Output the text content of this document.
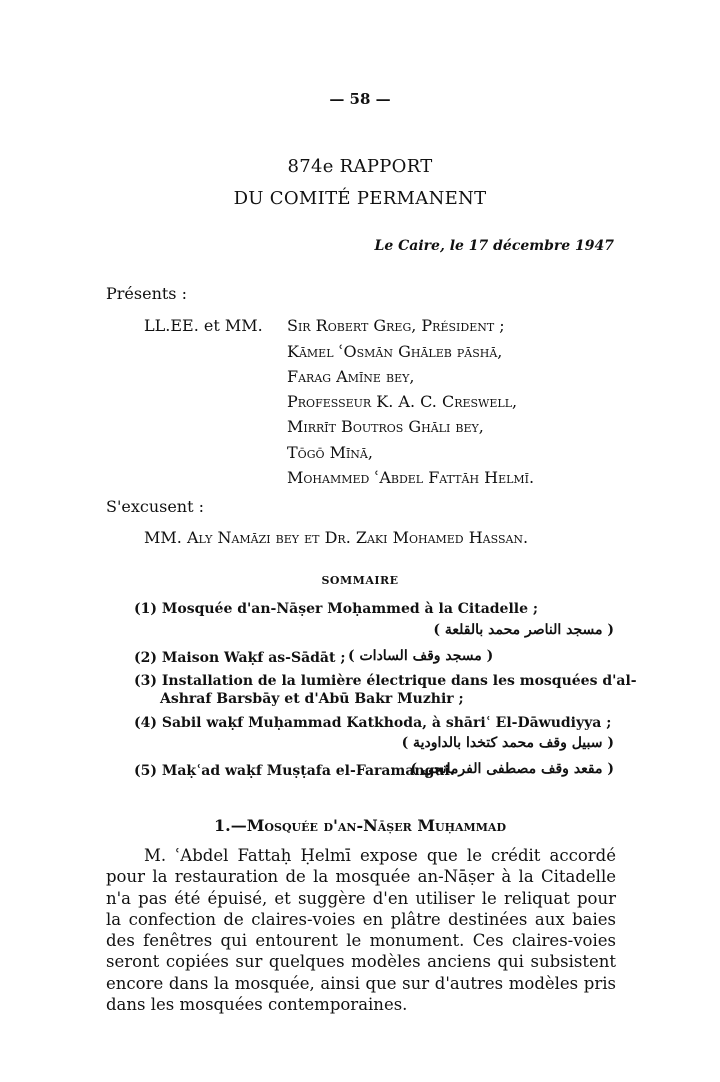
— 58 —
874e RAPPORT
DU COMITÉ PERMANENT
Le Caire, le 17 décembre 1947
Présents :
LL.EE. et MM. Sir Robert Greg, Président ;
Kāmel ʿOsmān Ghāleb pāshā,
Farag Amīne bey,
Professeur K. A. C. Creswell,
Mirrīt Boutros Ghāli bey,
Tōgō Mīnā,
Mohammed ʿAbdel Fattāh Helmī.
S'excusent :
MM. Aly Namāzi bey et Dr. Zaki Mohamed Hassan.
SOMMAIRE
(1) Mosquée d'an-Nāṣer Moḥammed à la Citadelle ;
( مسجد الناصر محمد بالقلعة )
(2) Maison Waḳf as-Sādāt ; ( مسجد وقف السادات )
(3) Installation de la lumière électrique dans les mosquées d'al-
Ashraf Barsbāy et d'Abū Bakr Muzhir ;
(4) Sabil waḳf Muḥammad Katkhoda, à shāriʿ El-Dāwudiyya ;
( سبيل وقف محمد كتخدا بالداودية )
(5) Maḳʿad waḳf Muṣṭafa el-Faramangui.
( مقعد وقف مصطفى الفرمانجي )
1.—Mosquée d'an-Nāṣer Muḥammad
M. ʿAbdel Fattaḥ Ḥelmī expose que le crédit accordé pour la restauration de la mosquée an-Nāṣer à la Citadelle n'a pas été épuisé, et suggère d'en utiliser le reliquat pour la confection de claires-voies en plâtre destinées aux baies des fenêtres qui entourent le monument. Ces claires-voies seront copiées sur quelques modèles anciens qui subsistent encore dans la mosquée, ainsi que sur d'autres modèles pris dans les mosquées contemporaines.
